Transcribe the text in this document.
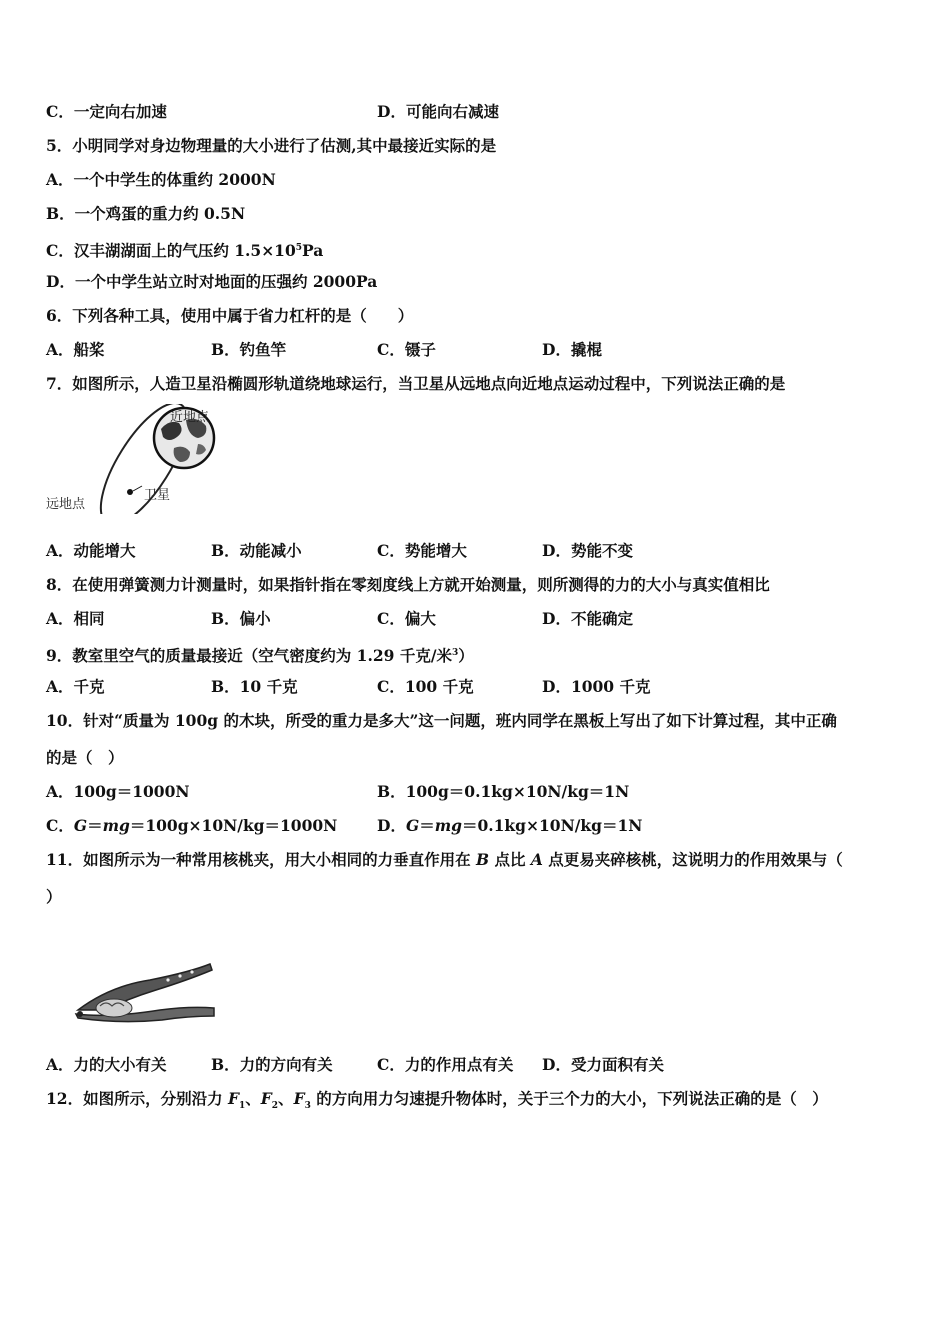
C．一定向右加速	D．可能向右减速
5．小明同学对身边物理量的大小进行了估测,其中最接近实际的是
A．一个中学生的体重约 2000N
B．一个鸡蛋的重力约 0.5N
C．汉丰湖湖面上的气压约 $1.5\times 10^5Pa$
D．一个中学生站立时对地面的压强约 2000Pa
6．下列各种工具，使用中属于省力杠杆的是（　　）
A．船桨	B．钓鱼竿	C．镊子	D．撬棍
7．如图所示，人造卫星沿椭圆形轨道绕地球运行，当卫星从远地点向近地点运动过程中，下列说法正确的是
近地点
远地点
卫星
A．动能增大	B．动能减小	C．势能增大	D．势能不变
8．在使用弹簧测力计测量时，如果指针指在零刻度线上方就开始测量，则所测得的力的大小与真实值相比
A．相同	B．偏小	C．偏大	D．不能确定
9．教室里空气的质量最接近（空气密度约为 1.29 千克/米$^3$）
A．千克	B．10 千克	C．100 千克	D．1000 千克
10．针对“质量为 100g 的木块，所受的重力是多大”这一问题，班内同学在黑板上写出了如下计算过程，其中正确
的是（　）
A．100g＝1000N	B．100g＝0.1kg×10N/kg＝1N
C．G＝mg＝100g×10N/kg＝1000N	D．G＝mg＝0.1kg×10N/kg＝1N
11．如图所示为一种常用核桃夹，用大小相同的力垂直作用在 B 点比 A 点更易夹碎核桃，这说明力的作用效果与（
）
A．力的大小有关	B．力的方向有关	C．力的作用点有关 D．受力面积有关
12．如图所示，分别沿力 $F_1$、$F_2$、$F_3$ 的方向用力匀速提升物体时，关于三个力的大小，下列说法正确的是（　）
